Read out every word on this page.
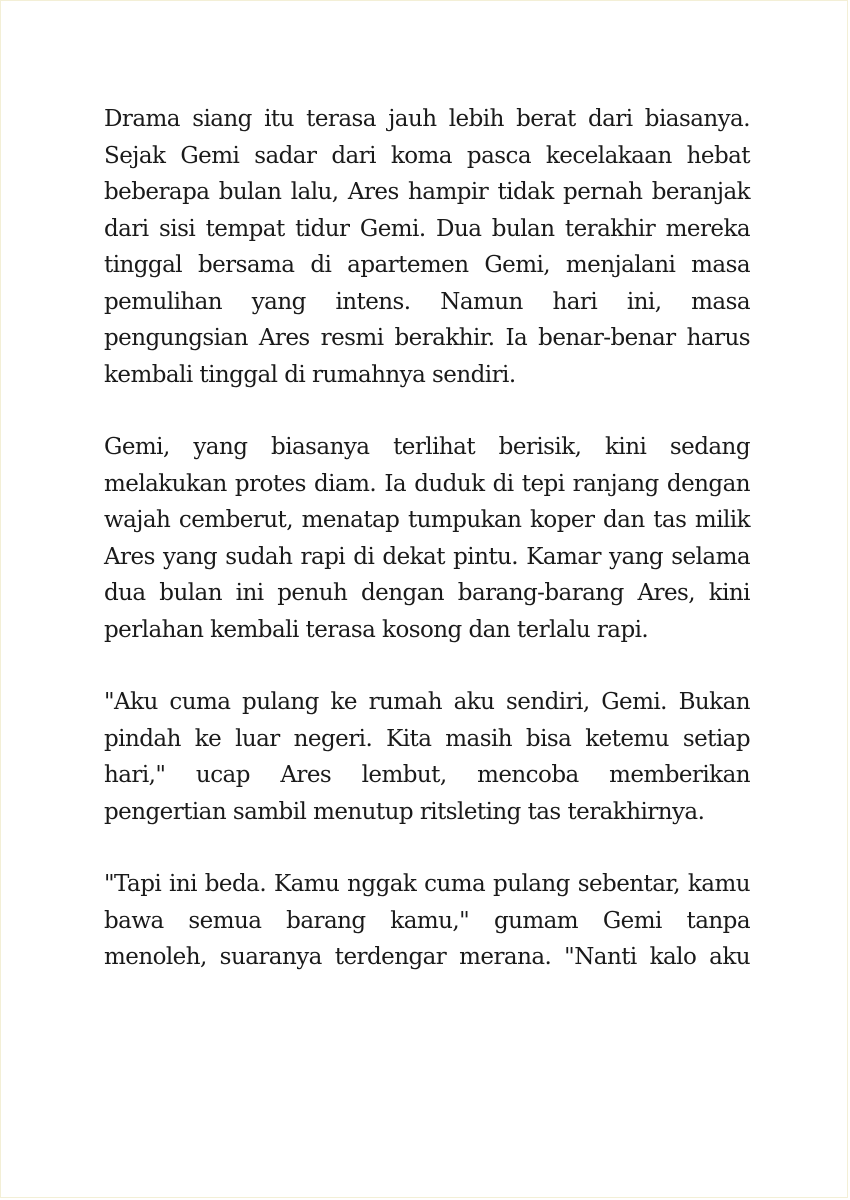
Drama siang itu terasa jauh lebih berat dari biasanya. Sejak Gemi sadar dari koma pasca kecelakaan hebat beberapa bulan lalu, Ares hampir tidak pernah beranjak dari sisi tempat tidur Gemi. Dua bulan terakhir mereka tinggal bersama di apartemen Gemi, menjalani masa pemulihan yang intens. Namun hari ini, masa pengungsian Ares resmi berakhir. Ia benar-benar harus kembali tinggal di rumahnya sendiri.

Gemi, yang biasanya terlihat berisik, kini sedang melakukan protes diam. Ia duduk di tepi ranjang dengan wajah cemberut, menatap tumpukan koper dan tas milik Ares yang sudah rapi di dekat pintu. Kamar yang selama dua bulan ini penuh dengan barang-barang Ares, kini perlahan kembali terasa kosong dan terlalu rapi.

"Aku cuma pulang ke rumah aku sendiri, Gemi. Bukan pindah ke luar negeri. Kita masih bisa ketemu setiap hari," ucap Ares lembut, mencoba memberikan pengertian sambil menutup ritsleting tas terakhirnya.

"Tapi ini beda. Kamu nggak cuma pulang sebentar, kamu bawa semua barang kamu," gumam Gemi tanpa menoleh, suaranya terdengar merana. "Nanti kalo aku
